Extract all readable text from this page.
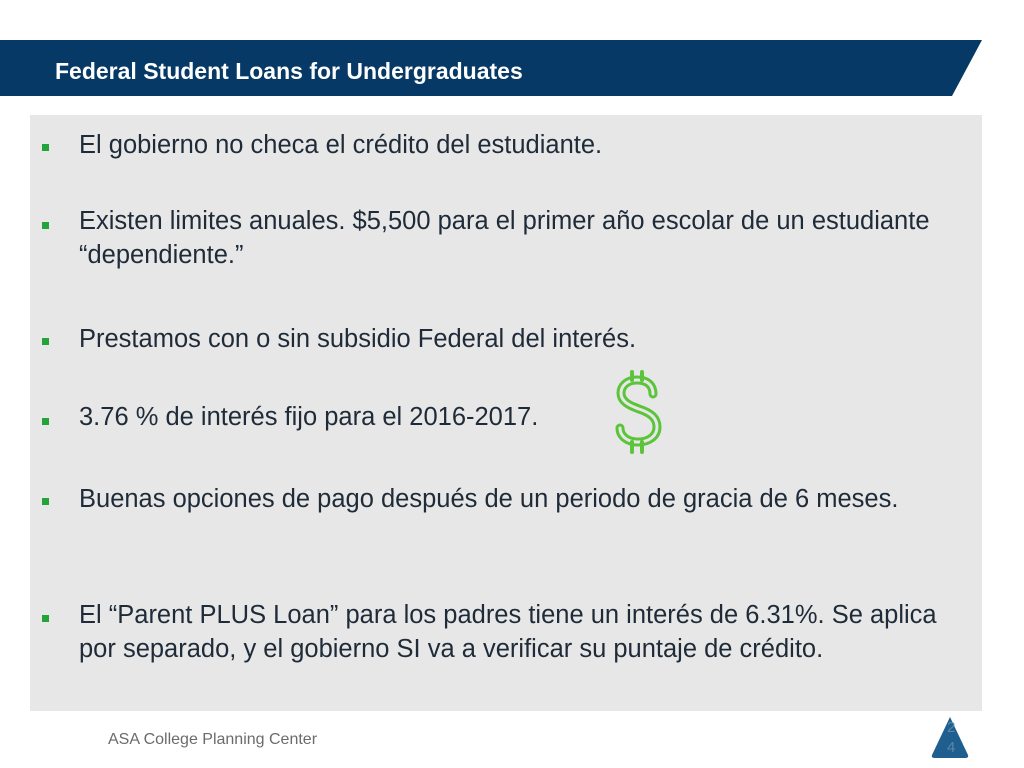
Federal Student Loans for Undergraduates
El gobierno no checa el crédito del estudiante.
Existen limites anuales. $5,500 para el primer año escolar de un estudiante “dependiente.”
Prestamos con o sin subsidio Federal del interés.
3.76 % de interés fijo para el 2016-2017.
Buenas opciones de pago después de un periodo de gracia de 6 meses.
El “Parent PLUS Loan” para los padres tiene un interés de 6.31%. Se aplica por separado, y el gobierno SI va a verificar su puntaje de crédito.
ASA College Planning Center
24
